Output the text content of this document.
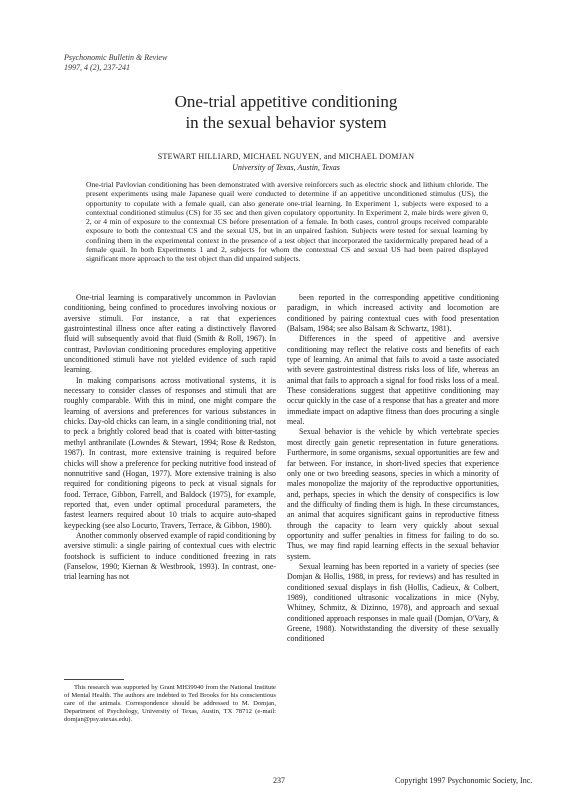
Psychonomic Bulletin & Review
1997, 4 (2), 237-241
One-trial appetitive conditioning
in the sexual behavior system
STEWART HILLIARD, MICHAEL NGUYEN, and MICHAEL DOMJAN
University of Texas, Austin, Texas
One-trial Pavlovian conditioning has been demonstrated with aversive reinforcers such as electric shock and lithium chloride. The present experiments using male Japanese quail were conducted to determine if an appetitive unconditioned stimulus (US), the opportunity to copulate with a female quail, can also generate one-trial learning. In Experiment 1, subjects were exposed to a contextual conditioned stimulus (CS) for 35 sec and then given copulatory opportunity. In Experiment 2, male birds were given 0, 2, or 4 min of exposure to the contextual CS before presentation of a female. In both cases, control groups received comparable exposure to both the contextual CS and the sexual US, but in an unpaired fashion. Subjects were tested for sexual learning by confining them in the experimental context in the presence of a test object that incorporated the taxidermically prepared head of a female quail. In both Experiments 1 and 2, subjects for whom the contextual CS and sexual US had been paired displayed significant more approach to the test object than did unpaired subjects.

One-trial learning is comparatively uncommon in Pavlovian conditioning, being confined to procedures involving noxious or aversive stimuli. For instance, a rat that experiences gastrointestinal illness once after eating a distinctively flavored fluid will subsequently avoid that fluid (Smith & Roll, 1967). In contrast, Pavlovian conditioning procedures employing appetitive unconditioned stimuli have not yielded evidence of such rapid learning.

In making comparisons across motivational systems, it is necessary to consider classes of responses and stimuli that are roughly comparable. With this in mind, one might compare the learning of aversions and preferences for various substances in chicks. Day-old chicks can learn, in a single conditioning trial, not to peck a brightly colored bead that is coated with bitter-tasting methyl anthranilate (Lowndes & Stewart, 1994; Rose & Redston, 1987). In contrast, more extensive training is required before chicks will show a preference for pecking nutritive food instead of nonnutritive sand (Hogan, 1977). More extensive training is also required for conditioning pigeons to peck at visual signals for food. Terrace, Gibbon, Farrell, and Baldock (1975), for example, reported that, even under optimal procedural parameters, the fastest learners required about 10 trials to acquire auto-shaped keypecking (see also Locurto, Travers, Terrace, & Gibbon, 1980).

Another commonly observed example of rapid conditioning by aversive stimuli: a single pairing of contextual cues with electric footshock is sufficient to induce conditioned freezing in rats (Fanselow, 1990; Kiernan & Westbrook, 1993). In contrast, one-trial learning has not

This research was supported by Grant MH39940 from the National Institute of Mental Health. The authors are indebted to Ted Brooks for his conscientious care of the animals. Correspondence should be addressed to M. Domjan, Department of Psychology, University of Texas, Austin, TX 78712 (e-mail: domjan@psy.utexas.edu).

been reported in the corresponding appetitive conditioning paradigm, in which increased activity and locomotion are conditioned by pairing contextual cues with food presentation (Balsam, 1984; see also Balsam & Schwartz, 1981).

Differences in the speed of appetitive and aversive conditioning may reflect the relative costs and benefits of each type of learning. An animal that fails to avoid a taste associated with severe gastrointestinal distress risks loss of life, whereas an animal that fails to approach a signal for food risks loss of a meal. These considerations suggest that appetitive conditioning may occur quickly in the case of a response that has a greater and more immediate impact on adaptive fitness than does procuring a single meal.

Sexual behavior is the vehicle by which vertebrate species most directly gain genetic representation in future generations. Furthermore, in some organisms, sexual opportunities are few and far between. For instance, in short-lived species that experience only one or two breeding seasons, species in which a minority of males monopolize the majority of the reproductive opportunities, and, perhaps, species in which the density of conspecifics is low and the difficulty of finding them is high. In these circumstances, an animal that acquires significant gains in reproductive fitness through the capacity to learn very quickly about sexual opportunity and suffer penalties in fitness for failing to do so. Thus, we may find rapid learning effects in the sexual behavior system.

Sexual learning has been reported in a variety of species (see Domjan & Hollis, 1988, in press, for reviews) and has resulted in conditioned sexual displays in fish (Hollis, Cadieux, & Colbert, 1989), conditioned ultrasonic vocalizations in mice (Nyby, Whitney, Schmitz, & Dizinno, 1978), and approach and sexual conditioned approach responses in male quail (Domjan, O'Vary, & Greene, 1988). Notwithstanding the diversity of these sexually conditioned

237	Copyright 1997 Psychonomic Society, Inc.
